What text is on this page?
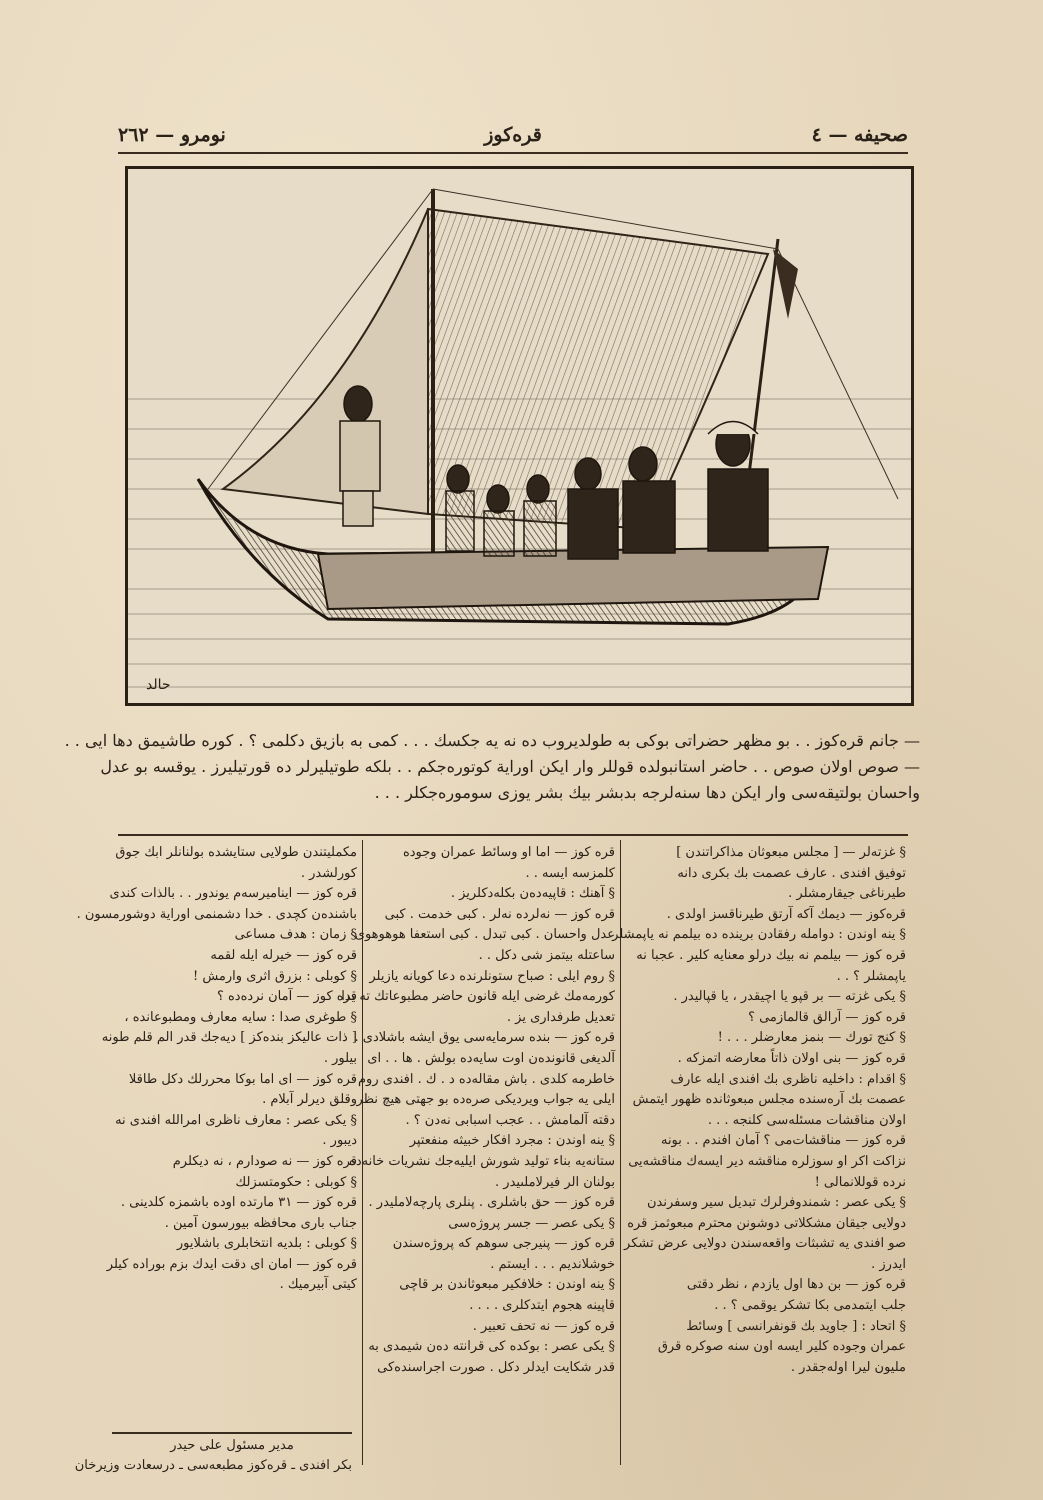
صحيفه — ٤
قره‌كوز
نومرو — ٢٦٢
حالد
— جانم قره‌كوز . . بو مظهر حضراتی بوكی به طولدیروب ده نه یه جكسك . . . كمی به بازیق دكلمی ؟ . كوره طاشیمق دها ایی . .
— صوص اولان صوص . . حاضر استانبولده قوللر وار ایكن اوراية كوتوره‌جكم . . بلكه طوتیلیرلر ده قورتیلیرز . یوقسه بو عدل
واحسان بولتيقه‌سی وار ايكن دها سنه‌لرجه بدبشر بيك بشر يوزی سوموره‌جكلر . . .

§ غزته‌لر — [ مجلس مبعوثان مذاكراتندن ]

توفيق افندی . عارف عصمت بك بكری دانه

طيرناغی جيقارمشلر .

قره‌كوز — ديمك آكه آرتق طيرناقسز اولدی .

§ ينه اوندن : دوامله رفقادن برينده ده بيلمم نه ياپمشلر

قره كوز — بيلمم نه بيك درلو معنايه كلير . عجبا نه

ياپمشلر ؟ . .

§ يكی غزته — بر قپو يا اچيقدر ، يا قپالیدر .

قره كوز — آرالق قالمازمی ؟

§ كنج تورك — بنمز معارضلر . . . !

قره كوز — بنی اولان ذاتاً معارضه اتمزكه .

§ اقدام : داخليه ناظری بك افندی ايله عارف

عصمت بك آره‌سنده مجلس مبعوثانده ظهور ايتمش

اولان مناقشات مسئله‌سی كلنجه . . .

قره كوز — مناقشات‌می ؟ آمان افندم . . بونه

نزاكت اكر او سوزلره مناقشه دير ايسه‌ك مناقشه‌يی

نرده قوللانمالی !

§ يكی عصر : شمندوفرلرك تبديل سير وسفرندن

دولايی جيقان مشكلاتی دوشونن محترم مبعوثمز قره

صو افندی يه تشبثات واقعه‌سندن دولايی عرض تشكر

ايدرز .

قره كوز — بن دها اول يازدم ، نظر دقتی

جلب ايتمدمی بكا تشكر يوقمی ؟ . .

§ اتحاد : [ جاويد بك قونفرانسی ] وسائط

عمران وجوده كلير ايسه اون سنه صوكره قرق

مليون ليرا اوله‌جقدر .

قره كوز — اما او وسائط عمران وجوده

كلمزسه ايسه . .

§ آهنك : قاپيه‌ده‌ن بكله‌دكلريز .

قره كوز — نه‌لرده نه‌لر . كبی خدمت . كبی

عدل واحسان . كبی تبدل . كبی استعفا هوهوهوی

ساعتله بيتمز شی دكل . .

§ روم ايلی : صباح ستونلرنده دعا كويانه يازيلر

كورمه‌مك غرضی ايله قانون حاضر مطبوعاتك ته يدا

تعديل طرفداری يز .

قره كوز — بنده سرمايه‌سی يوق ايشه باشلادی .

آلديغی قانونده‌ن اوت سايه‌ده بولش . ها . . ای

خاطرمه كلدی . باش مقاله‌ده د . ك . افندی روم

ايلی يه جواب ويرديكی صره‌ده بو جهتی هيچ نظر

دقته آلمامش . . عجب اسبابی نه‌دن ؟ .

§ ينه اوندن : مجرد افكار خبيثه منفعتپر

ستانه‌يه بناء توليد شورش ايليه‌جك نشريات خانه‌ده

بولنان الر فيرلاملىيدر .

قره كوز — حق باشلری . پنلری پارچه‌لامليدر .

§ يكی عصر — جسر پروژه‌سی

قره كوز — پنيرجی سوهم كه پروژه‌سندن

خوشلانديم . . . ايستم .

§ ينه اوندن : خلافكير مبعوثاندن بر قاچی

قاپينه هجوم ايتدكلری . . . .

قره كوز — نه تحف تعبير .

§ يكی عصر : بوكده كی قرانته ده‌ن شيمدی به

قدر شكايت ايدلر دكل . صورت اجراسنده‌كی

مكمليتندن طولايی ستايشده بولنانلر ابك جوق

كورلشدر .

قره كوز — ايناميرسه‌م يوندور . . بالذات كندی

باشنده‌ن كچدی . خدا دشمنمی اوراية دوشورمسون .

§ زمان : هدف مساعی

قره كوز — خيرله ايله لقمه

§ كوبلی : بزرق اثری وارمش !

قره كوز — آمان نرده‌ده ؟

§ طوغری صدا : سايه معارف ومطبوعانده ،

[ ذات عاليكز بنده‌كز ] ديه‌جك قدر الم قلم طونه

بيلور .

قره كوز — ای اما بوكا محررلك دكل طاقلا

وقلق ديرلر آبلام .

§ يكی عصر : معارف ناظری امرالله افندی نه

ديبور .

قره كوز — نه صودارم ، نه ديكلرم

§ كوبلی : حكومتسزلك

قره كوز — ٣١ مارتده اوده باشمزه كلدينی .

جناب باری محافظه بيورسون آمين .

§ كوبلی : بلديه انتخابلری باشلايور

قره كوز — امان ای دقت ايدك بزم بوراده كيلر

كيتی آبيرميك .

مدير مسئول على حيدر
بكر افندی ـ قره‌كوز مطبعه‌سی ـ درسعادت وزيرخان
